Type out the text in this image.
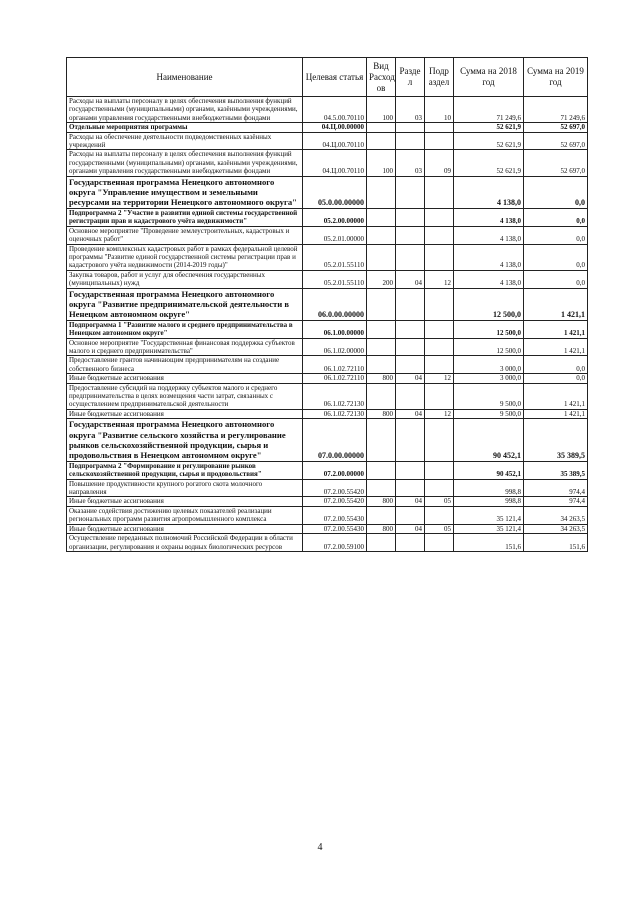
Наименование	Целевая статья	Вид Расход ов	Разде л	Подр аздел	Сумма на 2018 год	Сумма на 2019 год
Расходы на выплаты персоналу в целях обеспечения выполнения функций государственными (муниципальными) органами, казёнными учреждениями, органами управления государственными внебюджетными фондами	04.5.00.70110	100	03	10	71 249,6	71 249,6
Отдельные мероприятия программы	04.Ц.00.00000				52 621,9	52 697,0
Расходы на обеспечение деятельности подведомственных казённых учреждений	04.Ц.00.70110				52 621,9	52 697,0
Расходы на выплаты персоналу в целях обеспечения выполнения функций государственными (муниципальными) органами, казёнными учреждениями, органами управления государственными внебюджетными фондами	04.Ц.00.70110	100	03	09	52 621,9	52 697,0
Государственная программа Ненецкого автономного округа "Управление имуществом и земельными ресурсами на территории Ненецкого автономного округа"	05.0.00.00000				4 138,0	0,0
Подпрограмма 2 "Участие в развитии единой системы государственной регистрации прав и кадастрового учёта недвижимости"	05.2.00.00000				4 138,0	0,0
Основное мероприятие "Проведение землеустроительных, кадастровых и оценочных работ"	05.2.01.00000				4 138,0	0,0
Проведение комплексных кадастровых работ в рамках федеральной целевой программы "Развитие единой государственной системы регистрации прав и кадастрового учёта недвижимости (2014-2019 годы)"	05.2.01.55110				4 138,0	0,0
Закупка товаров, работ и услуг для обеспечения государственных (муниципальных) нужд	05.2.01.55110	200	04	12	4 138,0	0,0
Государственная программа Ненецкого автономного округа "Развитие предпринимательской деятельности в Ненецком автономном округе"	06.0.00.00000				12 500,0	1 421,1
Подпрограмма 1 "Развитие малого и среднего предпринимательства в Ненецком автономном округе"	06.1.00.00000				12 500,0	1 421,1
Основное мероприятие "Государственная финансовая поддержка субъектов малого и среднего предпринимательства"	06.1.02.00000				12 500,0	1 421,1
Предоставление грантов начинающим предпринимателям на создание собственного бизнеса	06.1.02.72110				3 000,0	0,0
Иные бюджетные ассигнования	06.1.02.72110	800	04	12	3 000,0	0,0
Предоставление субсидий на поддержку субъектов малого и среднего предпринимательства в целях возмещения части затрат, связанных с осуществлением предпринимательской деятельности	06.1.02.72130				9 500,0	1 421,1
Иные бюджетные ассигнования	06.1.02.72130	800	04	12	9 500,0	1 421,1
Государственная программа Ненецкого автономного округа "Развитие сельского хозяйства и регулирование рынков сельскохозяйственной продукции, сырья и продовольствия в Ненецком автономном округе"	07.0.00.00000				90 452,1	35 389,5
Подпрограмма 2 "Формирование и регулирование рынков сельскохозяйственной продукции, сырья и продовольствия"	07.2.00.00000				90 452,1	35 389,5
Повышение продуктивности крупного рогатого скота молочного направления	07.2.00.55420				998,8	974,4
Иные бюджетные ассигнования	07.2.00.55420	800	04	05	998,8	974,4
Оказание содействия достижению целевых показателей реализации региональных программ развития агропромышленного комплекса	07.2.00.55430				35 121,4	34 263,5
Иные бюджетные ассигнования	07.2.00.55430	800	04	05	35 121,4	34 263,5
Осуществление переданных полномочий Российской Федерации в области организации, регулирования и охраны водных биологических ресурсов	07.2.00.59100				151,6	151,6
4
